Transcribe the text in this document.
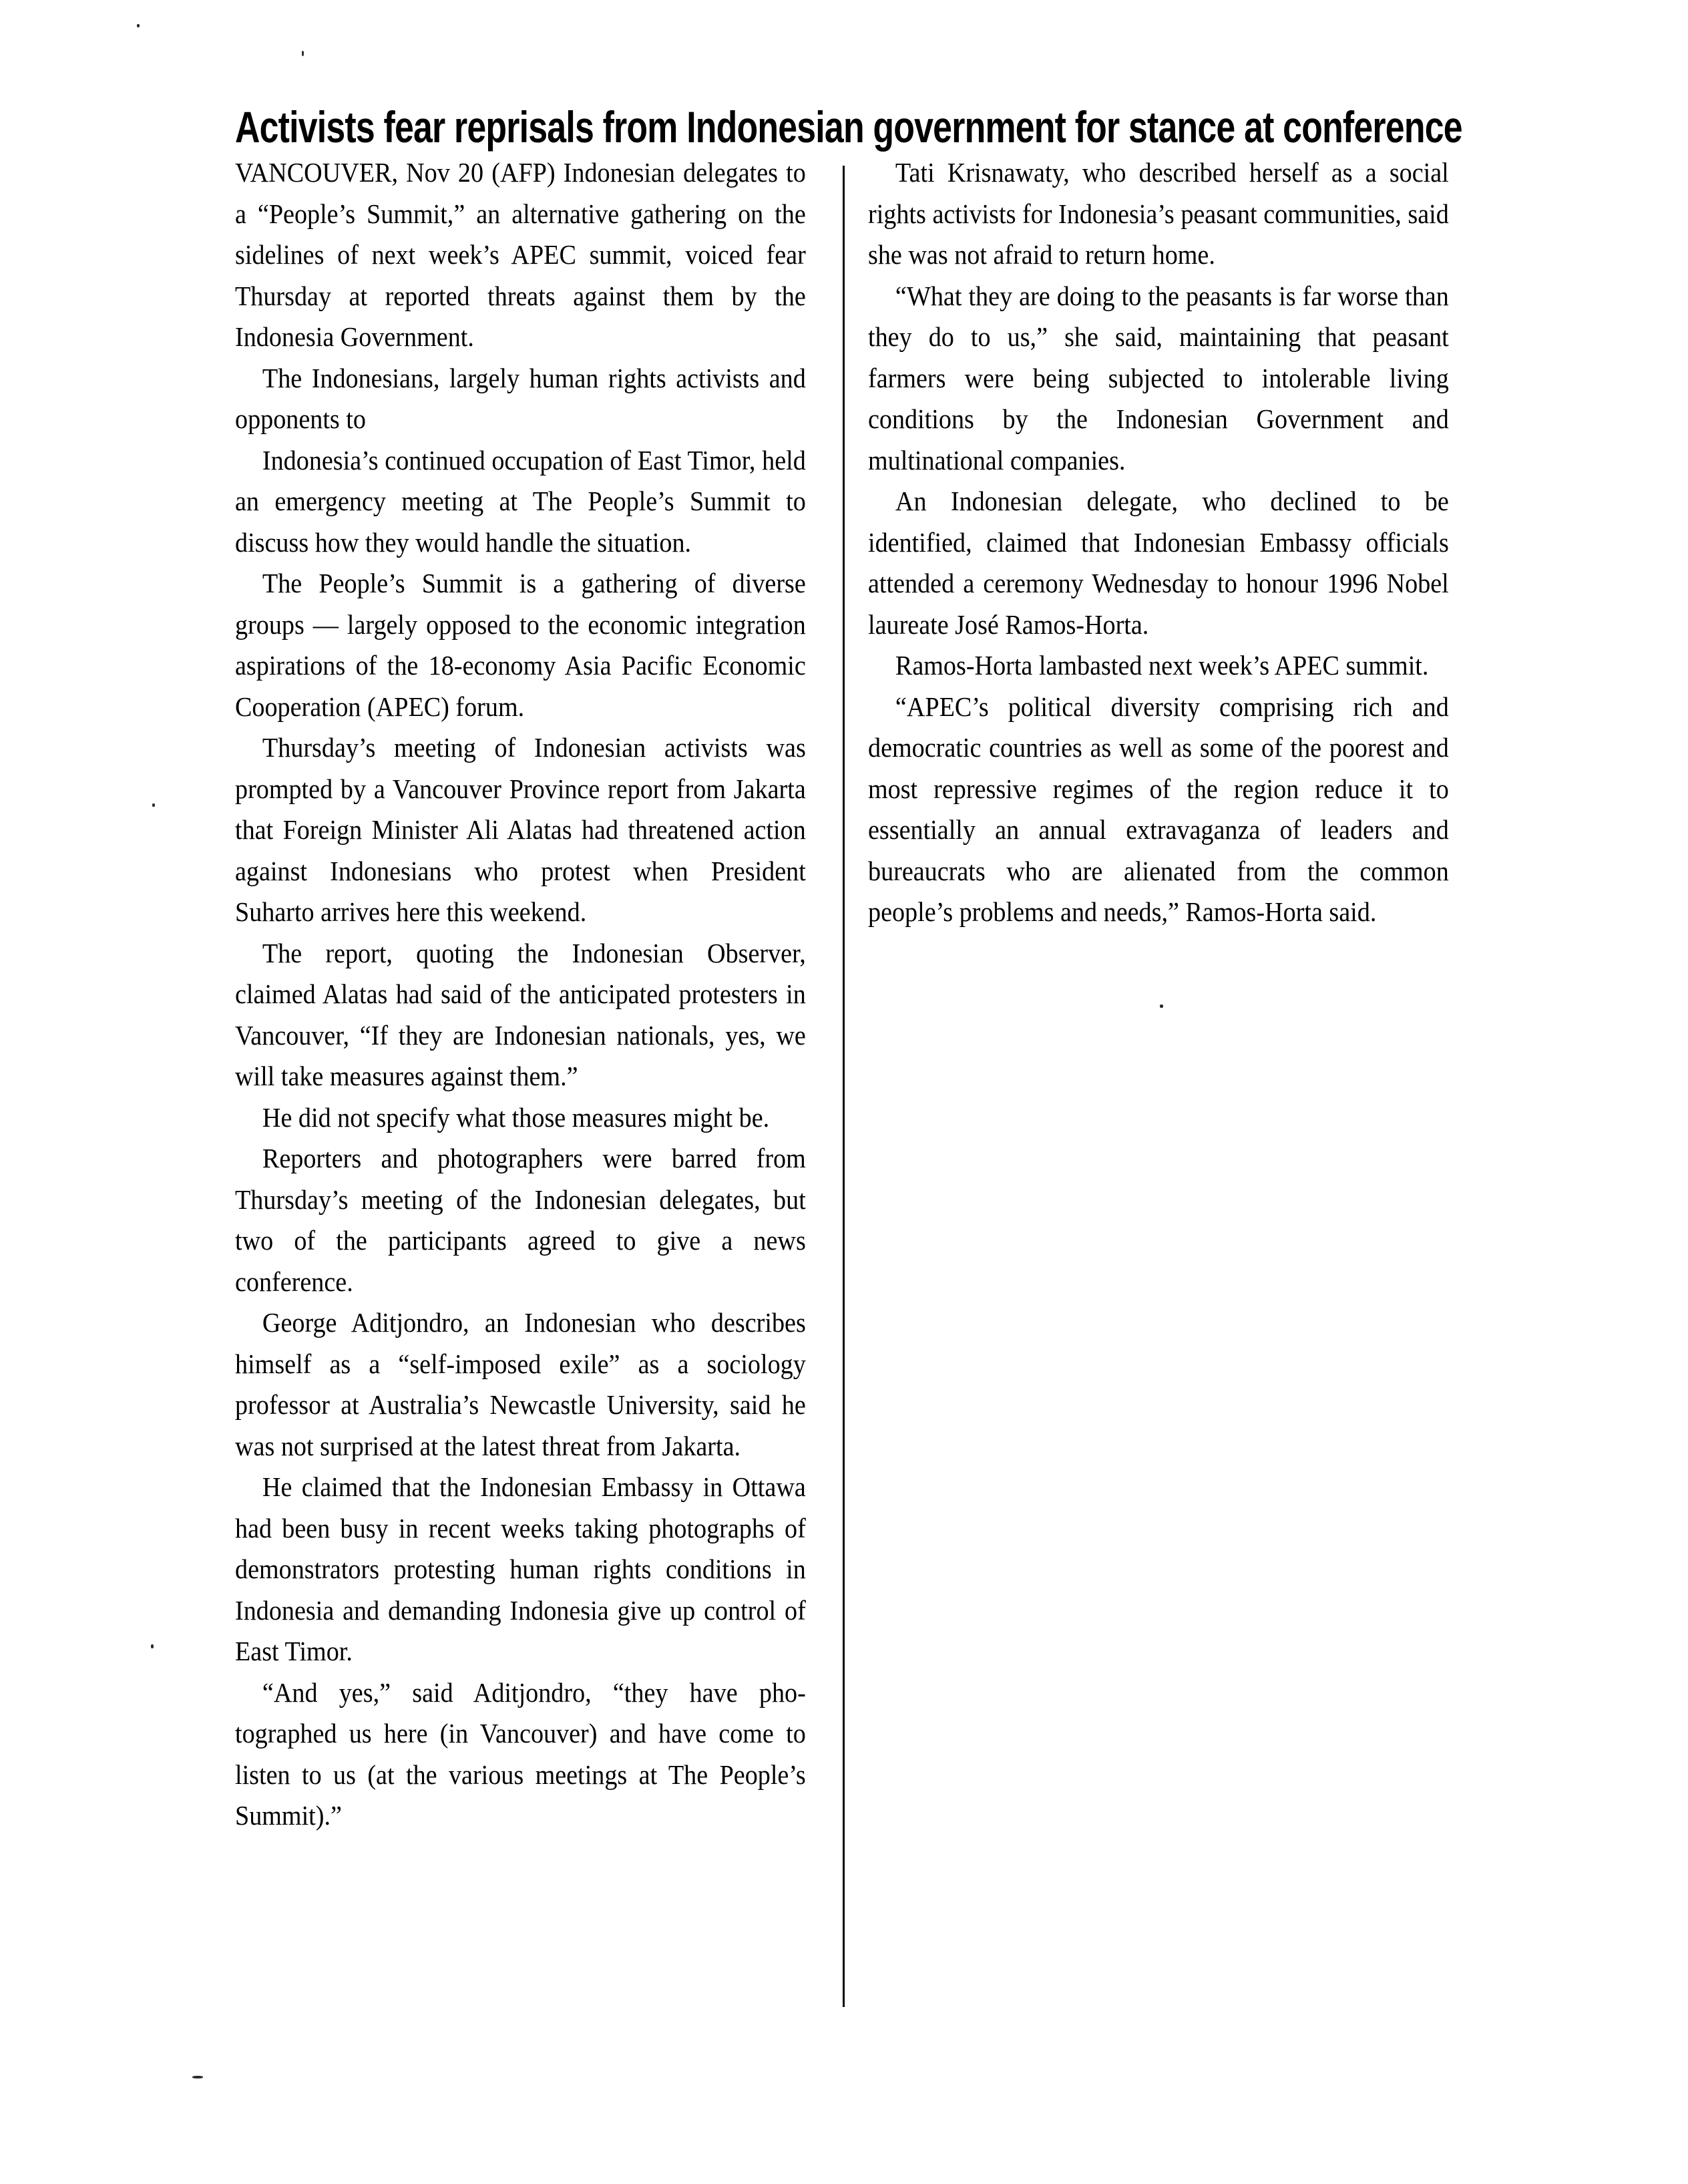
Activists fear reprisals from Indonesian government for stance at conference

VANCOUVER, Nov 20 (AFP) Indonesian delegates to a “People’s Summit,” an alternative gathering on the sidelines of next week’s APEC summit, voiced fear Thursday at reported threats against them by the Indonesia Government.

The Indonesians, largely human rights activists and opponents to

Indonesia’s continued occupation of East Timor, held an emergency meeting at The People’s Summit to discuss how they would handle the situation.

The People’s Summit is a gathering of diverse groups — largely opposed to the economic integration aspirations of the 18-economy Asia Pacific Economic Cooperation (APEC) forum.

Thursday’s meeting of Indonesian activists was prompted by a Vancouver Province report from Jakarta that Foreign Minister Ali Alatas had threatened action against Indonesians who protest when President Suharto arrives here this weekend.

The report, quoting the Indonesian Observer, claimed Alatas had said of the anticipated protesters in Vancouver, “If they are Indonesian nationals, yes, we will take measures against them.”

He did not specify what those measures might be.

Reporters and photographers were barred from Thursday’s meeting of the Indonesian delegates, but two of the participants agreed to give a news conference.

George Aditjondro, an Indonesian who describes himself as a “self-imposed exile” as a sociology professor at Australia’s Newcastle University, said he was not surprised at the latest threat from Jakarta.

He claimed that the Indonesian Embassy in Ottawa had been busy in recent weeks taking photographs of demonstrators protesting human rights conditions in Indonesia and demanding Indonesia give up control of East Timor.

“And yes,” said Aditjondro, “they have photographed us here (in Vancouver) and have come to listen to us (at the various meetings at The People’s Summit).”

Tati Krisnawaty, who described herself as a social rights activists for Indonesia’s peasant communities, said she was not afraid to return home.

“What they are doing to the peasants is far worse than they do to us,” she said, maintaining that peasant farmers were being subjected to intolerable living conditions by the Indonesian Government and multinational companies.

An Indonesian delegate, who declined to be identified, claimed that Indonesian Embassy officials attended a ceremony Wednesday to honour 1996 Nobel laureate José Ramos-Horta.

Ramos-Horta lambasted next week’s APEC summit.

“APEC’s political diversity comprising rich and democratic countries as well as some of the poorest and most repressive regimes of the region reduce it to essentially an annual extravaganza of leaders and bureaucrats who are alienated from the common people’s problems and needs,” Ramos-Horta said.
